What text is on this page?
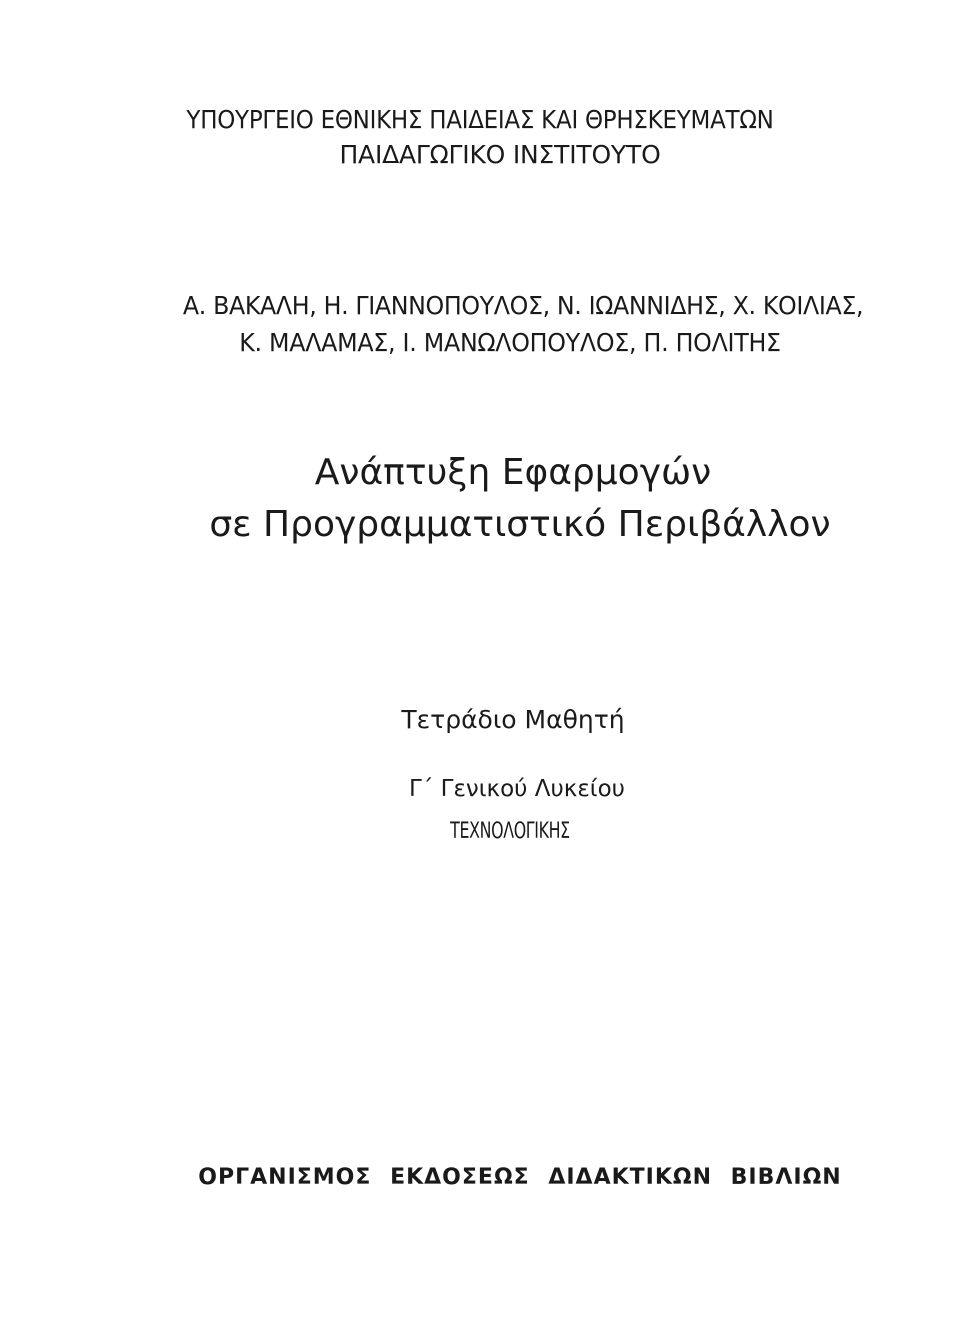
ΥΠΟΥΡΓΕΙΟ ΕΘΝΙΚΗΣ ΠΑΙΔΕΙΑΣ ΚΑΙ ΘΡΗΣΚΕΥΜΑΤΩΝ

ΠΑΙΔΑΓΩΓΙΚΟ ΙΝΣΤΙΤΟΥΤΟ

Α. ΒΑΚΑΛΗ, Η. ΓΙΑΝΝΟΠΟΥΛΟΣ, Ν. ΙΩΑΝΝΙΔΗΣ, Χ. ΚΟΙΛΙΑΣ,

Κ. ΜΑΛΑΜΑΣ, Ι. ΜΑΝΩΛΟΠΟΥΛΟΣ, Π. ΠΟΛΙΤΗΣ

Ανάπτυξη Εφαρμογών
σε Προγραμματιστικό Περιβάλλον

Τετράδιο Μαθητή

Γ΄ Γενικού Λυκείου

ΤΕΧΝΟΛΟΓΙΚΗΣ

ΟΡΓΑΝΙΣΜΟΣ ΕΚΔΟΣΕΩΣ ΔΙΔΑΚΤΙΚΩΝ ΒΙΒΛΙΩΝ
